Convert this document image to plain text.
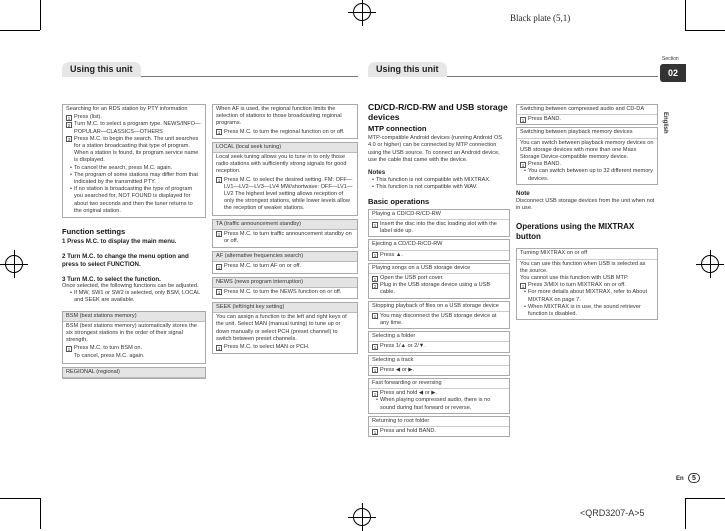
Black plate (5,1)
<QRD3207-A>5
Using this unit	Using this unit
Section
02
English
En	5

Searching for an RDS station by PTY information

1 Press (list).
2 Turn M.C. to select a program type. NEWS/INFO—POPULAR—CLASSICS—OTHERS
3 Press M.C. to begin the search. The unit searches for a station broadcasting that type of program. When a station is found, its program service name is displayed.
• To cancel the search, press M.C. again.
• The program of some stations may differ from that indicated by the transmitted PTY.
• If no station is broadcasting the type of program you searched for, NOT FOUND is displayed for about two seconds and then the tuner returns to the original station.
Function settings

1 Press M.C. to display the main menu.

2 Turn M.C. to change the menu option and press to select FUNCTION.

3 Turn M.C. to select the function.

Once selected, the following functions can be adjusted.

• If MW, SW1 or SW2 is selected, only BSM, LOCAL and SEEK are available.
BSM (best stations memory)

BSM (best stations memory) automatically stores the six strongest stations in the order of their signal strength.

1 Press M.C. to turn BSM on.

To cancel, press M.C. again.

REGIONAL (regional)

When AF is used, the regional function limits the selection of stations to those broadcasting regional programs.

1 Press M.C. to turn the regional function on or off.
LOCAL (local seek tuning)

Local seek tuning allows you to tune in to only those radio stations with sufficiently strong signals for good reception.

1 Press M.C. to select the desired setting. FM: OFF—LV1—LV2—LV3—LV4 MW/shortwave: OFF—LV1—LV2 The highest level setting allows reception of only the strongest stations, while lower levels allow the reception of weaker stations.
TA (traffic announcement standby)
1 Press M.C. to turn traffic announcement standby on or off.
AF (alternative frequencies search)
1 Press M.C. to turn AF on or off.
NEWS (news program interruption)
1 Press M.C. to turn the NEWS function on or off.
SEEK (left/right key setting)

You can assign a function to the left and right keys of the unit. Select MAN (manual tuning) to tune up or down manually or select PCH (preset channel) to switch between preset channels.

1 Press M.C. to select MAN or PCH.
CD/CD-R/CD-RW and USB storage devices
MTP connection

MTP-compatible Android devices (running Android OS 4.0 or higher) can be connected by MTP connection using the USB source. To connect an Android device, use the cable that came with the device.

Notes

• This function is not compatible with MIXTRAX.
• This function is not compatible with WAV.
Basic operations
Playing a CD/CD-R/CD-RW
1 Insert the disc into the disc loading slot with the label side up.
Ejecting a CD/CD-R/CD-RW
1 Press ▲.
Playing songs on a USB storage device
1 Open the USB port cover.
2 Plug in the USB storage device using a USB cable.
Stopping playback of files on a USB storage device
1 You may disconnect the USB storage device at any time.
Selecting a folder
1 Press 1/▲ or 2/▼.
Selecting a track
1 Press ◀ or ▶.
Fast forwarding or reversing
1 Press and hold ◀ or ▶.
• When playing compressed audio, there is no sound during fast forward or reverse.
Returning to root folder
1 Press and hold BAND.
Switching between compressed audio and CD-DA
1 Press BAND.
Switching between playback memory devices

You can switch between playback memory devices on USB storage devices with more than one Mass Storage Device-compatible memory device.

1 Press BAND.
• You can switch between up to 32 different memory devices.

Note

Disconnect USB storage devices from the unit when not in use.

Operations using the MIXTRAX button
Turning MIXTRAX on or off

You can use this function when USB is selected as the source.

You cannot use this function with USB MTP.

1 Press 3/MIX to turn MIXTRAX on or off.
• For more details about MIXTRAX, refer to About MIXTRAX on page 7.
• When MIXTRAX is in use, the sound retriever function is disabled.
